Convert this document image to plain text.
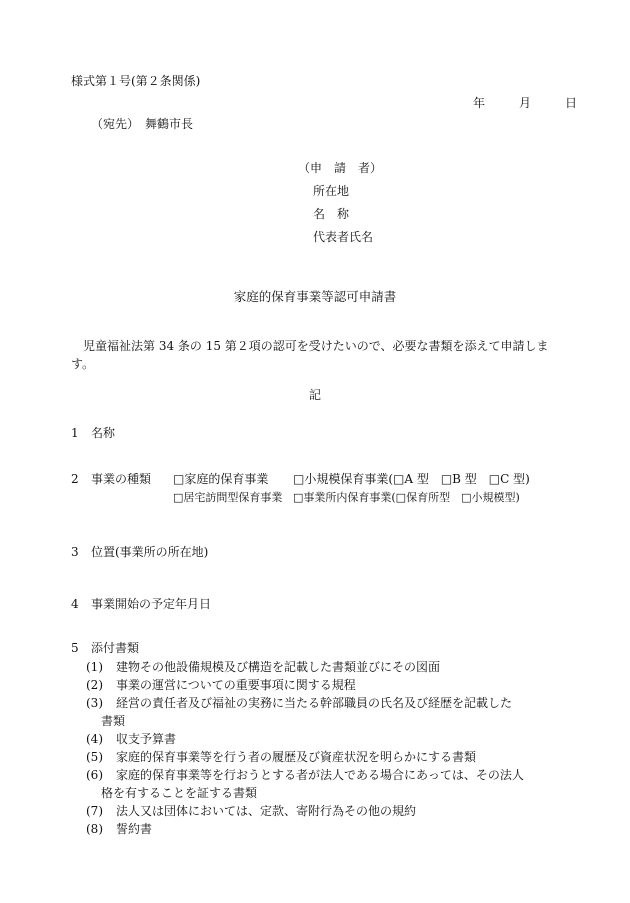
様式第１号(第２条関係)
年	月	日
（宛先）　舞鶴市長
（申　請　者）
所在地
名　称
代表者氏名
家庭的保育事業等認可申請書
児童福祉法第 34 条の 15 第２項の認可を受けたいので、必要な書類を添えて申請します。
記
1 名称
2 事業の種類 □家庭的保育事業 □小規模保育事業(□A 型　□B 型　□C 型)
□居宅訪問型保育事業 □事業所内保育事業(□保育所型　□小規模型)
3 位置(事業所の所在地)
4 事業開始の予定年月日
5 添付書類
(1) 建物その他設備規模及び構造を記載した書類並びにその図面
(2) 事業の運営についての重要事項に関する規程
(3) 経営の責任者及び福祉の実務に当たる幹部職員の氏名及び経歴を記載した
書類
(4) 収支予算書
(5) 家庭的保育事業等を行う者の履歴及び資産状況を明らかにする書類
(6) 家庭的保育事業等を行おうとする者が法人である場合にあっては、その法人
格を有することを証する書類
(7) 法人又は団体においては、定款、寄附行為その他の規約
(8) 誓約書
